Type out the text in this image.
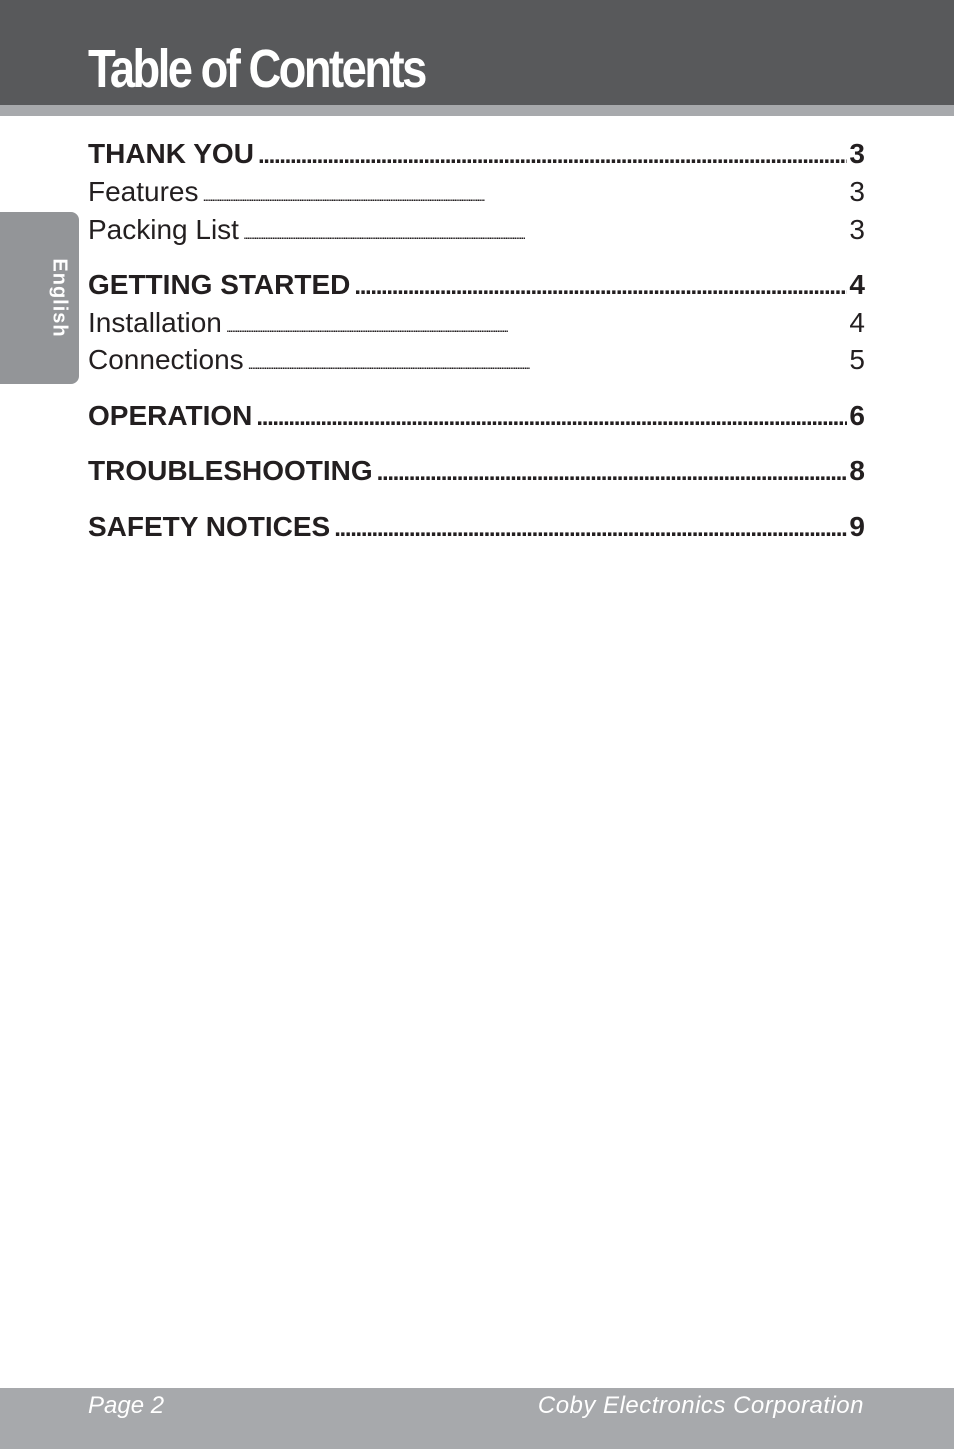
Table of Contents
English
THANK YOU . . .	3
Features . . .	3
Packing List . . .	3
GETTING STARTED . . .	4
Installation . . .	4
Connections . . .	5
OPERATION . . .	6
TROUBLESHOOTING . . .	8
SAFETY NOTICES . . .	9
Page 2	Coby Electronics Corporation
